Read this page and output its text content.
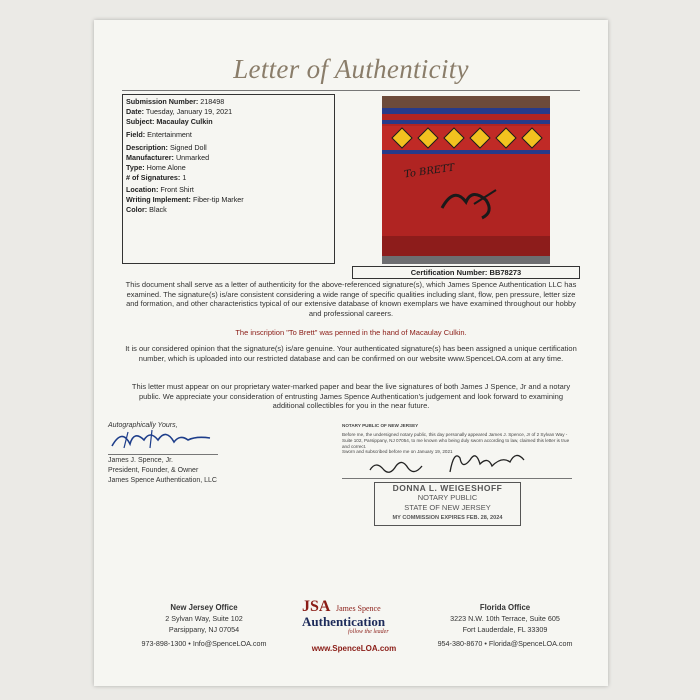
Letter of Authenticity
Submission Number: 218498
Date: Tuesday, January 19, 2021
Subject: Macaulay Culkin
Field: Entertainment
Description: Signed Doll
Manufacturer: Unmarked
Type: Home Alone
# of Signatures: 1
Location: Front Shirt
Writing Implement: Fiber-tip Marker
Color: Black
To BRETT
Certification Number: BB78273
This document shall serve as a letter of authenticity for the above-referenced signature(s), which James Spence Authentication LLC has examined. The signature(s) is/are consistent considering a wide range of specific qualities including slant, flow, pen pressure, letter size and formation, and other characteristics typical of our extensive database of known exemplars we have examined throughout our hobby and professional careers.
The inscription "To Brett" was penned in the hand of Macaulay Culkin.
It is our considered opinion that the signature(s) is/are genuine. Your authenticated signature(s) has been assigned a unique certification number, which is uploaded into our restricted database and can be confirmed on our website www.SpenceLOA.com at any time.
This letter must appear on our proprietary water-marked paper and bear the live signatures of both James J Spence, Jr and a notary public. We appreciate your consideration of entrusting James Spence Authentication's judgement and look forward to examining additional collectibles for you in the near future.
Autographically Yours,
James J. Spence, Jr.
President, Founder, & Owner
James Spence Authentication, LLC
NOTARY PUBLIC OF NEW JERSEY
Before me, the undersigned notary public, this day personally appeared James J. Spence, Jr of 2 Sylvan Way - Suite 102, Parsippany, NJ 07054, to me known who being duly sworn according to law, claimed this letter is true and correct.
Sworn and subscribed before me on January 19, 2021
DONNA L. WEIGESHOFF
NOTARY PUBLIC
STATE OF NEW JERSEY
MY COMMISSION EXPIRES FEB. 28, 2024
New Jersey Office
2 Sylvan Way, Suite 102
Parsippany, NJ 07054
973-898-1300 • Info@SpenceLOA.com
JSA James Spence
Authentication
follow the leader
www.SpenceLOA.com
Florida Office
3223 N.W. 10th Terrace, Suite 605
Fort Lauderdale, FL 33309
954-380-8670 • Florida@SpenceLOA.com
